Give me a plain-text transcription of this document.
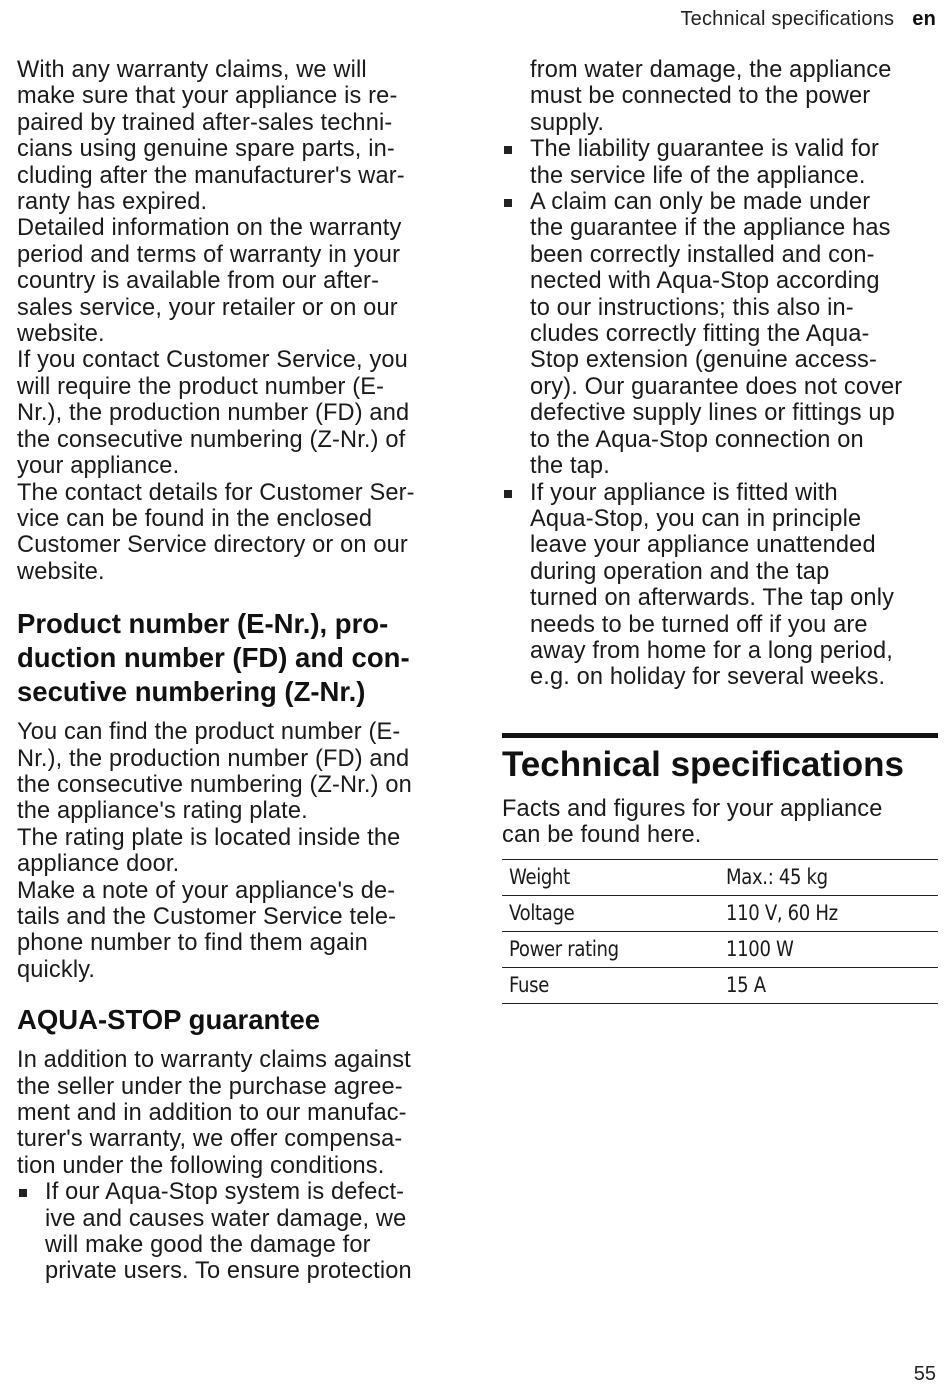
Technical specifications en

With any warranty claims, we will
make sure that your appliance is re-
paired by trained after-sales techni-
cians using genuine spare parts, in-
cluding after the manufacturer's war-
ranty has expired.

Detailed information on the warranty
period and terms of warranty in your
country is available from our after-
sales service, your retailer or on our
website.

If you contact Customer Service, you
will require the product number (E-
Nr.), the production number (FD) and
the consecutive numbering (Z-Nr.) of
your appliance.

The contact details for Customer Ser-
vice can be found in the enclosed
Customer Service directory or on our
website.

Product number (E-Nr.), pro-
duction number (FD) and con-
secutive numbering (Z-Nr.)

You can find the product number (E-
Nr.), the production number (FD) and
the consecutive numbering (Z-Nr.) on
the appliance's rating plate.

The rating plate is located inside the
appliance door.

Make a note of your appliance's de-
tails and the Customer Service tele-
phone number to find them again
quickly.

AQUA-STOP guarantee

In addition to warranty claims against
the seller under the purchase agree-
ment and in addition to our manufac-
turer's warranty, we offer compensa-
tion under the following conditions.

If our Aqua-Stop system is defect-
ive and causes water damage, we
will make good the damage for
private users. To ensure protection

from water damage, the appliance
must be connected to the power
supply.

The liability guarantee is valid for
the service life of the appliance.
A claim can only be made under
the guarantee if the appliance has
been correctly installed and con-
nected with Aqua-Stop according
to our instructions; this also in-
cludes correctly fitting the Aqua-
Stop extension (genuine access-
ory). Our guarantee does not cover
defective supply lines or fittings up
to the Aqua-Stop connection on
the tap.
If your appliance is fitted with
Aqua-Stop, you can in principle
leave your appliance unattended
during operation and the tap
turned on afterwards. The tap only
needs to be turned off if you are
away from home for a long period,
e.g. on holiday for several weeks.
Technical specifications

Facts and figures for your appliance
can be found here.

Weight	Max.: 45 kg
Voltage	110 V, 60 Hz
Power rating	1100 W
Fuse	15 A
55
